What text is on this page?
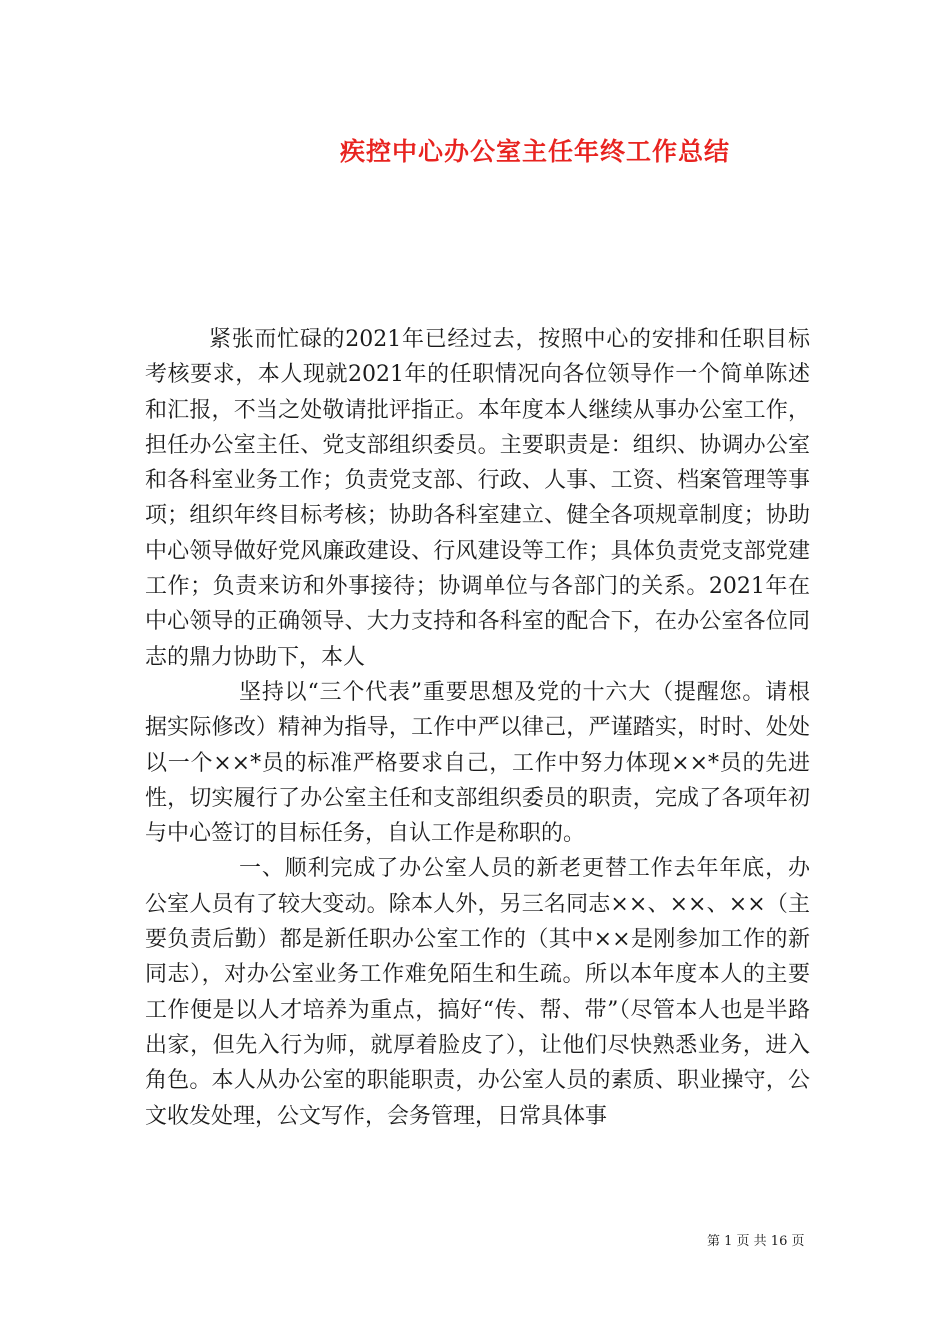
疾控中心办公室主任年终工作总结

紧张而忙碌的2021年已经过去，按照中心的安排和任职目标考核要求，本人现就2021年的任职情况向各位领导作一个简单陈述和汇报，不当之处敬请批评指正。本年度本人继续从事办公室工作，担任办公室主任、党支部组织委员。主要职责是：组织、协调办公室和各科室业务工作；负责党支部、行政、人事、工资、档案管理等事项；组织年终目标考核；协助各科室建立、健全各项规章制度；协助中心领导做好党风廉政建设、行风建设等工作；具体负责党支部党建工作；负责来访和外事接待；协调单位与各部门的关系。2021年在中心领导的正确领导、大力支持和各科室的配合下，在办公室各位同志的鼎力协助下，本人

坚持以“三个代表”重要思想及党的十六大（提醒您。请根据实际修改）精神为指导，工作中严以律己，严谨踏实，时时、处处以一个××*员的标准严格要求自己，工作中努力体现××*员的先进性，切实履行了办公室主任和支部组织委员的职责，完成了各项年初与中心签订的目标任务，自认工作是称职的。

一、顺利完成了办公室人员的新老更替工作去年年底，办公室人员有了较大变动。除本人外，另三名同志××、××、××（主要负责后勤）都是新任职办公室工作的（其中××是刚参加工作的新同志），对办公室业务工作难免陌生和生疏。所以本年度本人的主要工作便是以人才培养为重点，搞好“传、帮、带”（尽管本人也是半路出家，但先入行为师，就厚着脸皮了），让他们尽快熟悉业务，进入角色。本人从办公室的职能职责，办公室人员的素质、职业操守，公文收发处理，公文写作，会务管理，日常具体事

第 1 页 共 16 页
